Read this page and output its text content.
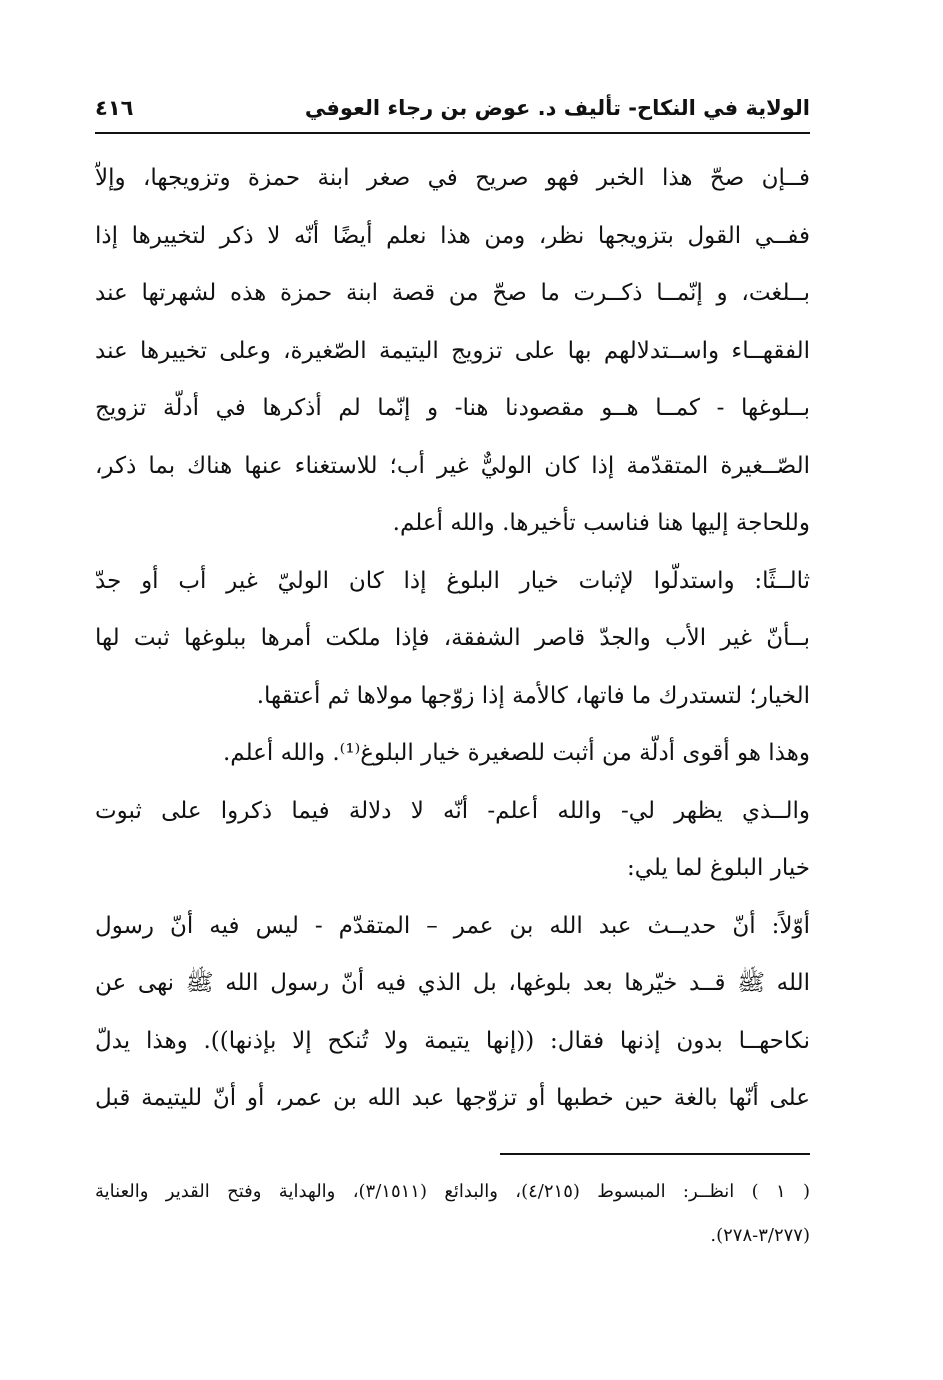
الولاية في النكاح- تأليف د. عوض بن رجاء العوفي
٤١٦
فــإن صحّ هذا الخبر فهو صريح في صغر ابنة حمزة وتزويجها، وإلاّ
ففــي القول بتزويجها نظر، ومن هذا نعلم أيضًا أنّه لا ذكر لتخييرها إذا
بــلغت، و إنّمــا ذكــرت ما صحّ من قصة ابنة حمزة هذه لشهرتها عند
الفقهــاء واســتدلالهم بها على تزويج اليتيمة الصّغيرة، وعلى تخييرها عند
بــلوغها - كمــا هــو مقصودنا هنا- و إنّما لم أذكرها في أدلّة تزويج
الصّــغيرة المتقدّمة إذا كان الوليٌّ غير أب؛ للاستغناء عنها هناك بما ذكر،
وللحاجة إليها هنا فناسب تأخيرها. والله أعلم.
ثالــثًا: واستدلّوا لإثبات خيار البلوغ إذا كان الوليّ غير أب أو جدّ
بــأنّ غير الأب والجدّ قاصر الشفقة، فإذا ملكت أمرها ببلوغها ثبت لها
الخيار؛ لتستدرك ما فاتها، كالأمة إذا زوّجها مولاها ثم أعتقها.
وهذا هو أقوى أدلّة من أثبت للصغيرة خيار البلوغ⁽¹⁾. والله أعلم.
والــذي يظهر لي- والله أعلم- أنّه لا دلالة فيما ذكروا على ثبوت
خيار البلوغ لما يلي:
أوّلاً: أنّ حديــث عبد الله بن عمر – المتقدّم - ليس فيه أنّ رسول
الله ﷺ قــد خيّرها بعد بلوغها، بل الذي فيه أنّ رسول الله ﷺ نهى عن
نكاحهــا بدون إذنها فقال: ((إنها يتيمة ولا تُنكح إلا بإذنها)). وهذا يدلّ
على أنّها بالغة حين خطبها أو تزوّجها عبد الله بن عمر، أو أنّ لليتيمة قبل
( ١ ) انظــر: المبسوط (٤/٢١٥)، والبدائع (٣/١٥١١)، والهداية وفتح القدير والعناية
(٣/٢٧٧-٢٧٨).
